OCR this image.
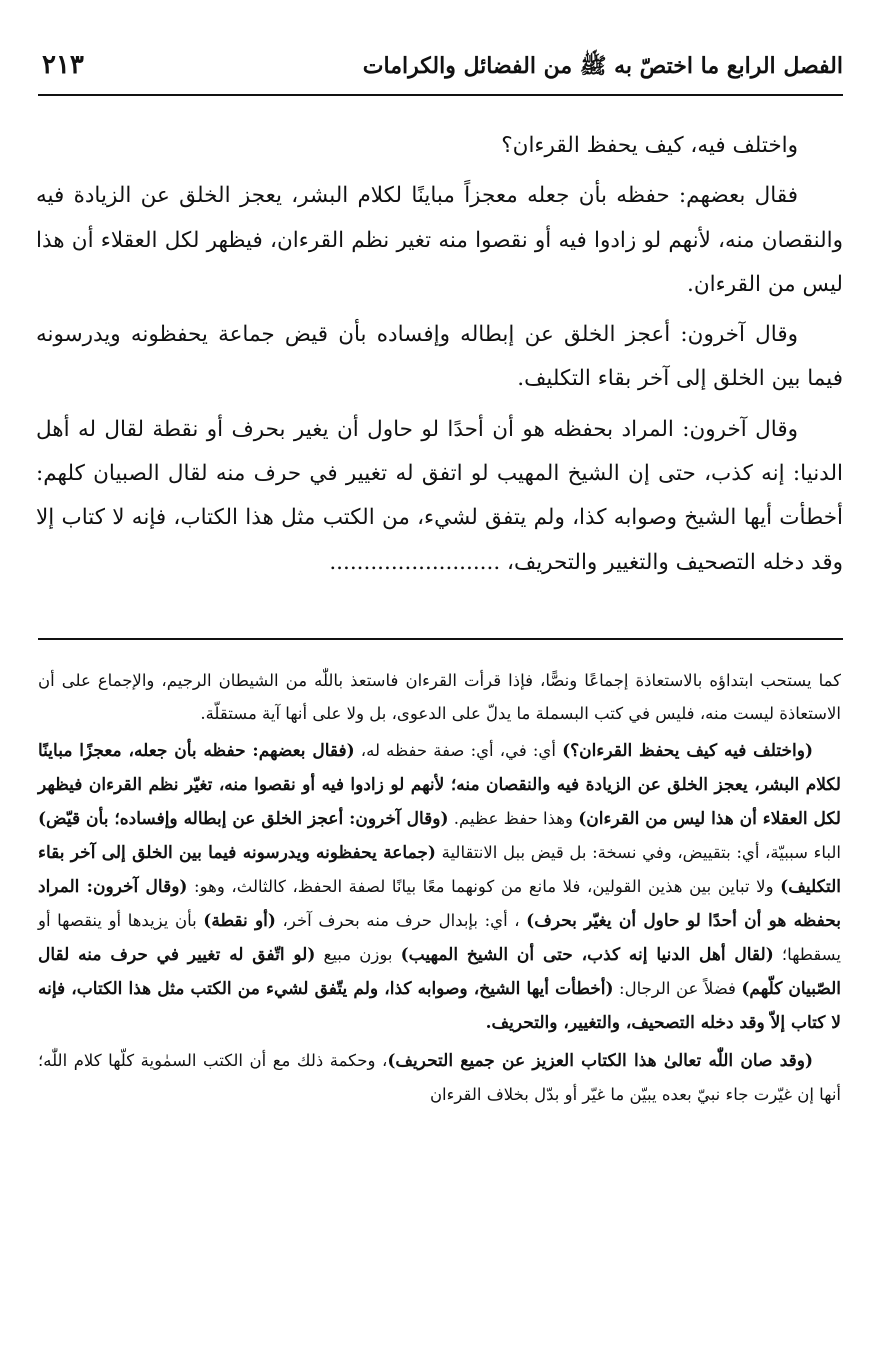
الفصل الرابع ما اختصّ به ﷺ من الفضائل والكرامات
٢١٣

واختلف فيه، كيف يحفظ القرءان؟

فقال بعضهم: حفظه بأن جعله معجزاً مباينًا لكلام البشر، يعجز الخلق عن الزيادة فيه والنقصان منه، لأنهم لو زادوا فيه أو نقصوا منه تغير نظم القرءان، فيظهر لكل العقلاء أن هذا ليس من القرءان.

وقال آخرون: أعجز الخلق عن إبطاله وإفساده بأن قيض جماعة يحفظونه ويدرسونه فيما بين الخلق إلى آخر بقاء التكليف.

وقال آخرون: المراد بحفظه هو أن أحدًا لو حاول أن يغير بحرف أو نقطة لقال له أهل الدنيا: إنه كذب، حتى إن الشيخ المهيب لو اتفق له تغيير في حرف منه لقال الصبيان كلهم: أخطأت أيها الشيخ وصوابه كذا، ولم يتفق لشيء، من الكتب مثل هذا الكتاب، فإنه لا كتاب إلا وقد دخله التصحيف والتغيير والتحريف، .........................

كما يستحب ابتداؤه بالاستعاذة إجماعًا ونصًّا، فإذا قرأت القرءان فاستعذ باللّٰه من الشيطان الرجيم، والإجماع على أن الاستعاذة ليست منه، فليس في كتب البسملة ما يدلّ على الدعوى، بل ولا على أنها آية مستقلّة.

(واختلف فيه كيف يحفظ القرءان؟) أي: في، أي: صفة حفظه له، (فقال بعضهم: حفظه بأن جعله، معجزًا مباينًا لكلام البشر، يعجز الخلق عن الزيادة فيه والنقصان منه؛ لأنهم لو زادوا فيه أو نقصوا منه، تغيّر نظم القرءان فيظهر لكل العقلاء أن هذا ليس من القرءان) وهذا حفظ عظيم. (وقال آخرون: أعجز الخلق عن إبطاله وإفساده؛ بأن قيّض) الباء سببيّة، أي: بتقييض، وفي نسخة: بل قيض ببل الانتقالية (جماعة يحفظونه ويدرسونه فيما بين الخلق إلى آخر بقاء التكليف) ولا تباين بين هذين القولين، فلا مانع من كونهما معًا بيانًا لصفة الحفظ، كالثالث، وهو: (وقال آخرون: المراد بحفظه هو أن أحدًا لو حاول أن يغيّر بحرف) ، أي: بإبدال حرف منه بحرف آخر، (أو نقطة) بأن يزيدها أو ينقصها أو يسقطها؛ (لقال أهل الدنيا إنه كذب، حتى أن الشيخ المهيب) بوزن مبيع (لو اتّفق له تغيير في حرف منه لقال الصّبيان كلّهم) فضلاً عن الرجال: (أخطأت أيها الشيخ، وصوابه كذا، ولم يتّفق لشيء من الكتب مثل هذا الكتاب، فإنه لا كتاب إلاّ وقد دخله التصحيف، والتغيير، والتحريف.

(وقد صان اللّٰه تعالىٰ هذا الكتاب العزيز عن جميع التحريف)، وحكمة ذلك مع أن الكتب السمٰوية كلّها كلام اللّٰه؛ أنها إن غيّرت جاء نبيّ بعده يبيّن ما غيّر أو بدّل بخلاف القرءان
